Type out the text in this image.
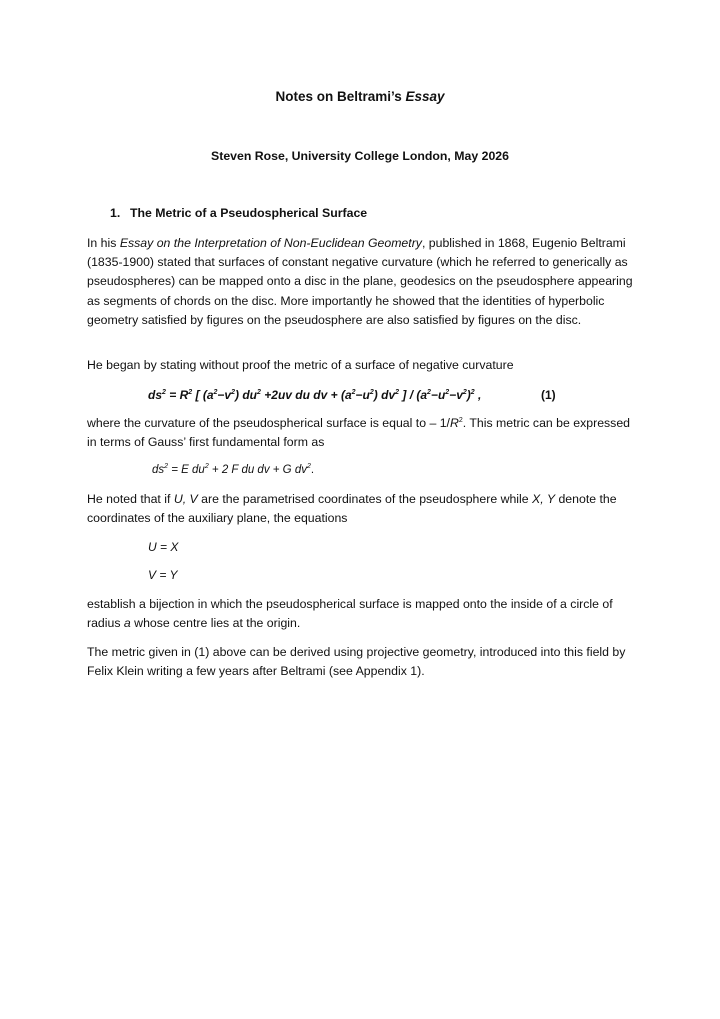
Notes on Beltrami’s Essay
Steven Rose, University College London, May 2026
1. The Metric of a Pseudospherical Surface
In his Essay on the Interpretation of Non-Euclidean Geometry, published in 1868, Eugenio Beltrami (1835-1900) stated that surfaces of constant negative curvature (which he referred to generically as pseudospheres) can be mapped onto a disc in the plane, geodesics on the pseudosphere appearing as segments of chords on the disc. More importantly he showed that the identities of hyperbolic geometry satisfied by figures on the pseudosphere are also satisfied by figures on the disc.
He began by stating without proof the metric of a surface of negative curvature
$ds^2 = R^2$ [ $(a^2-v^2)$ $du^2 +2uv$ du dv + $(a^2-u^2)$ $dv^2$ ] / $(a^2-u^2-v^2)^2$ ,	(1)
where the curvature of the pseudospherical surface is equal to – $1/R^2$. This metric can be expressed in terms of Gauss’ first fundamental form as
$ds^2 = E$ $du^2 + 2$ F du dv + G $dv^2$.
He noted that if U, V are the parametrised coordinates of the pseudosphere while X, Y denote the coordinates of the auxiliary plane, the equations
U = X
V = Y
establish a bijection in which the pseudospherical surface is mapped onto the inside of a circle of radius a whose centre lies at the origin.
The metric given in (1) above can be derived using projective geometry, introduced into this field by Felix Klein writing a few years after Beltrami (see Appendix 1).
